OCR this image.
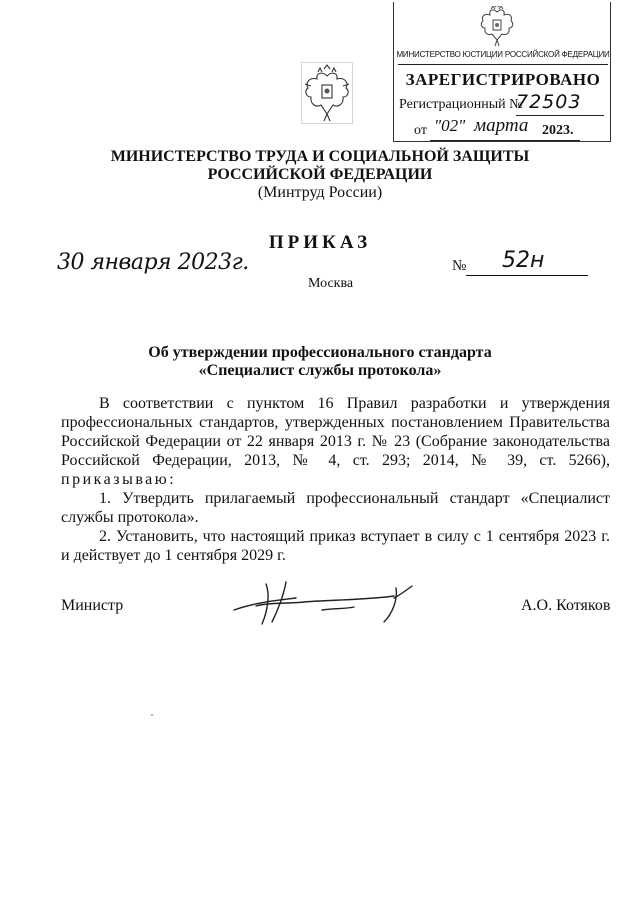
МИНИСТЕРСТВО ЮСТИЦИИ РОССИЙСКОЙ ФЕДЕРАЦИИ
ЗАРЕГИСТРИРОВАНО
Регистрационный №
72503
от "02" марта 2023.
МИНИСТЕРСТВО ТРУДА И СОЦИАЛЬНОЙ ЗАЩИТЫ
РОССИЙСКОЙ ФЕДЕРАЦИИ
(Минтруд России)
ПРИКАЗ
30 января 2023г.	№ 52н
Москва
Об утверждении профессионального стандарта
«Специалист службы протокола»

В соответствии с пунктом 16 Правил разработки и утверждения профессиональных стандартов, утвержденных постановлением Правительства Российской Федерации от 22 января 2013 г. № 23 (Собрание законодательства Российской Федерации, 2013, № 4, ст. 293; 2014, № 39, ст. 5266), приказываю:

1. Утвердить прилагаемый профессиональный стандарт «Специалист службы протокола».

2. Установить, что настоящий приказ вступает в силу с 1 сентября 2023 г. и действует до 1 сентября 2029 г.

Министр	А.О. Котяков
